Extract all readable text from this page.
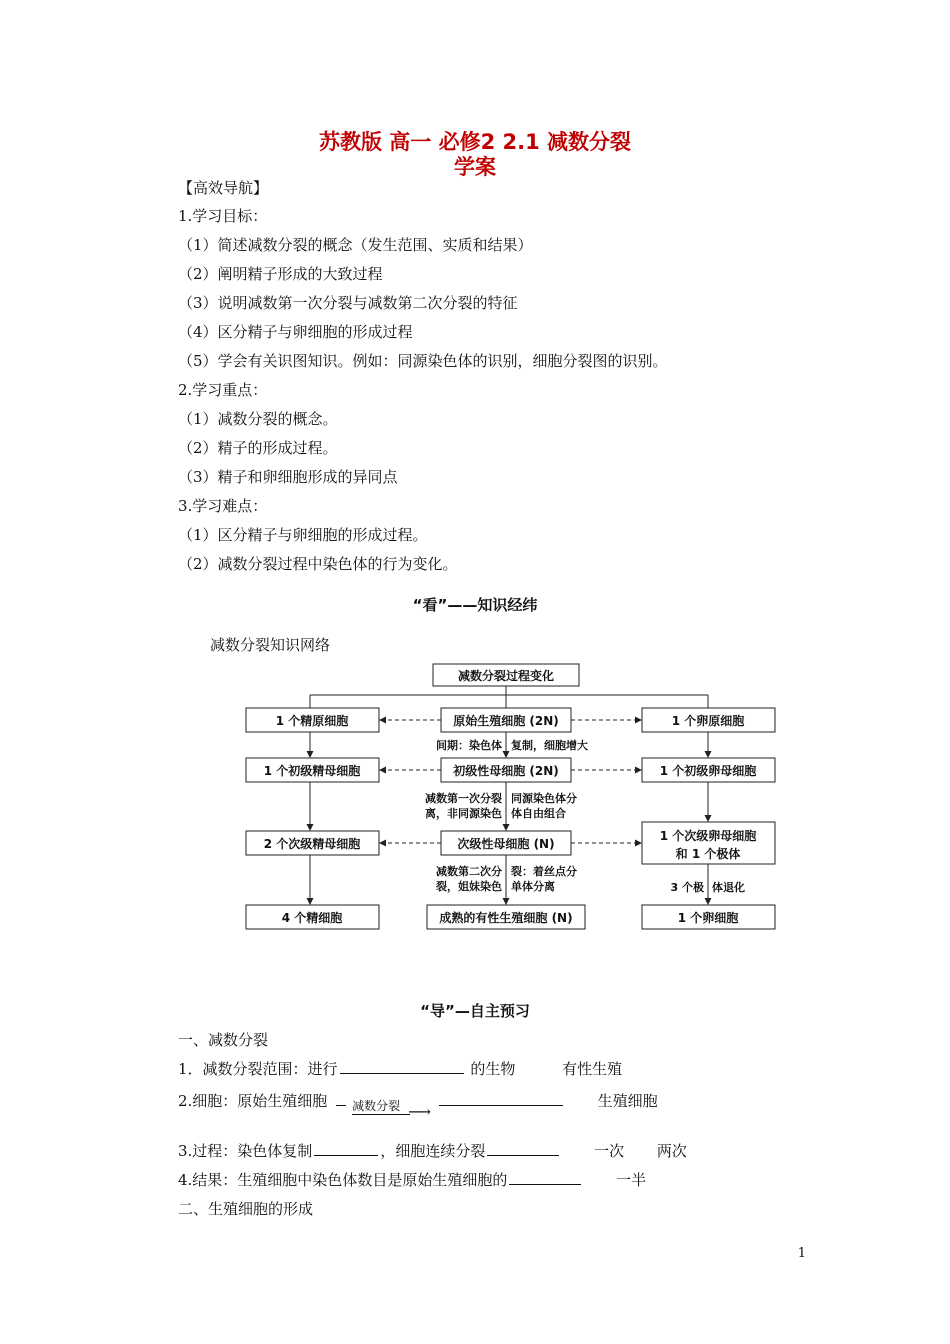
苏教版 高一 必修2 2.1 减数分裂
学案
【高效导航】
1.学习目标：
（1）简述减数分裂的概念（发生范围、实质和结果）
（2）阐明精子形成的大致过程
（3）说明减数第一次分裂与减数第二次分裂的特征
（4）区分精子与卵细胞的形成过程
（5）学会有关识图知识。例如：同源染色体的识别，细胞分裂图的识别。
2.学习重点：
（1）减数分裂的概念。
（2）精子的形成过程。
（3）精子和卵细胞形成的异同点
3.学习难点：
（1）区分精子与卵细胞的形成过程。
（2）减数分裂过程中染色体的行为变化。
“看”——知识经纬
减数分裂知识网络
减数分裂过程变化
原始生殖细胞 (2N)
初级性母细胞 (2N)
次级性母细胞 (N)
成熟的有性生殖细胞 (N)
1 个精原细胞
1 个初级精母细胞
2 个次级精母细胞
4 个精细胞
1 个卵原细胞
1 个初级卵母细胞
1 个次级卵母细胞
和 1 个极体
1 个卵细胞
间期：染色体 复制，细胞增大
减数第一次分裂
离，非同源染色
同源染色体分
体自由组合
减数第二次分
裂，姐妹染色
裂：着丝点分
单体分离	3 个极 体退化
“导”—自主预习
一、减数分裂
1．减数分裂范围：进行	的生物	有性生殖
2.细胞：原始生殖细胞 减数分裂 ⟶
生殖细胞
3.过程：染色体复制	，细胞连续分裂	一次 两次
4.结果：生殖细胞中染色体数目是原始生殖细胞的	一半
二、生殖细胞的形成
1
